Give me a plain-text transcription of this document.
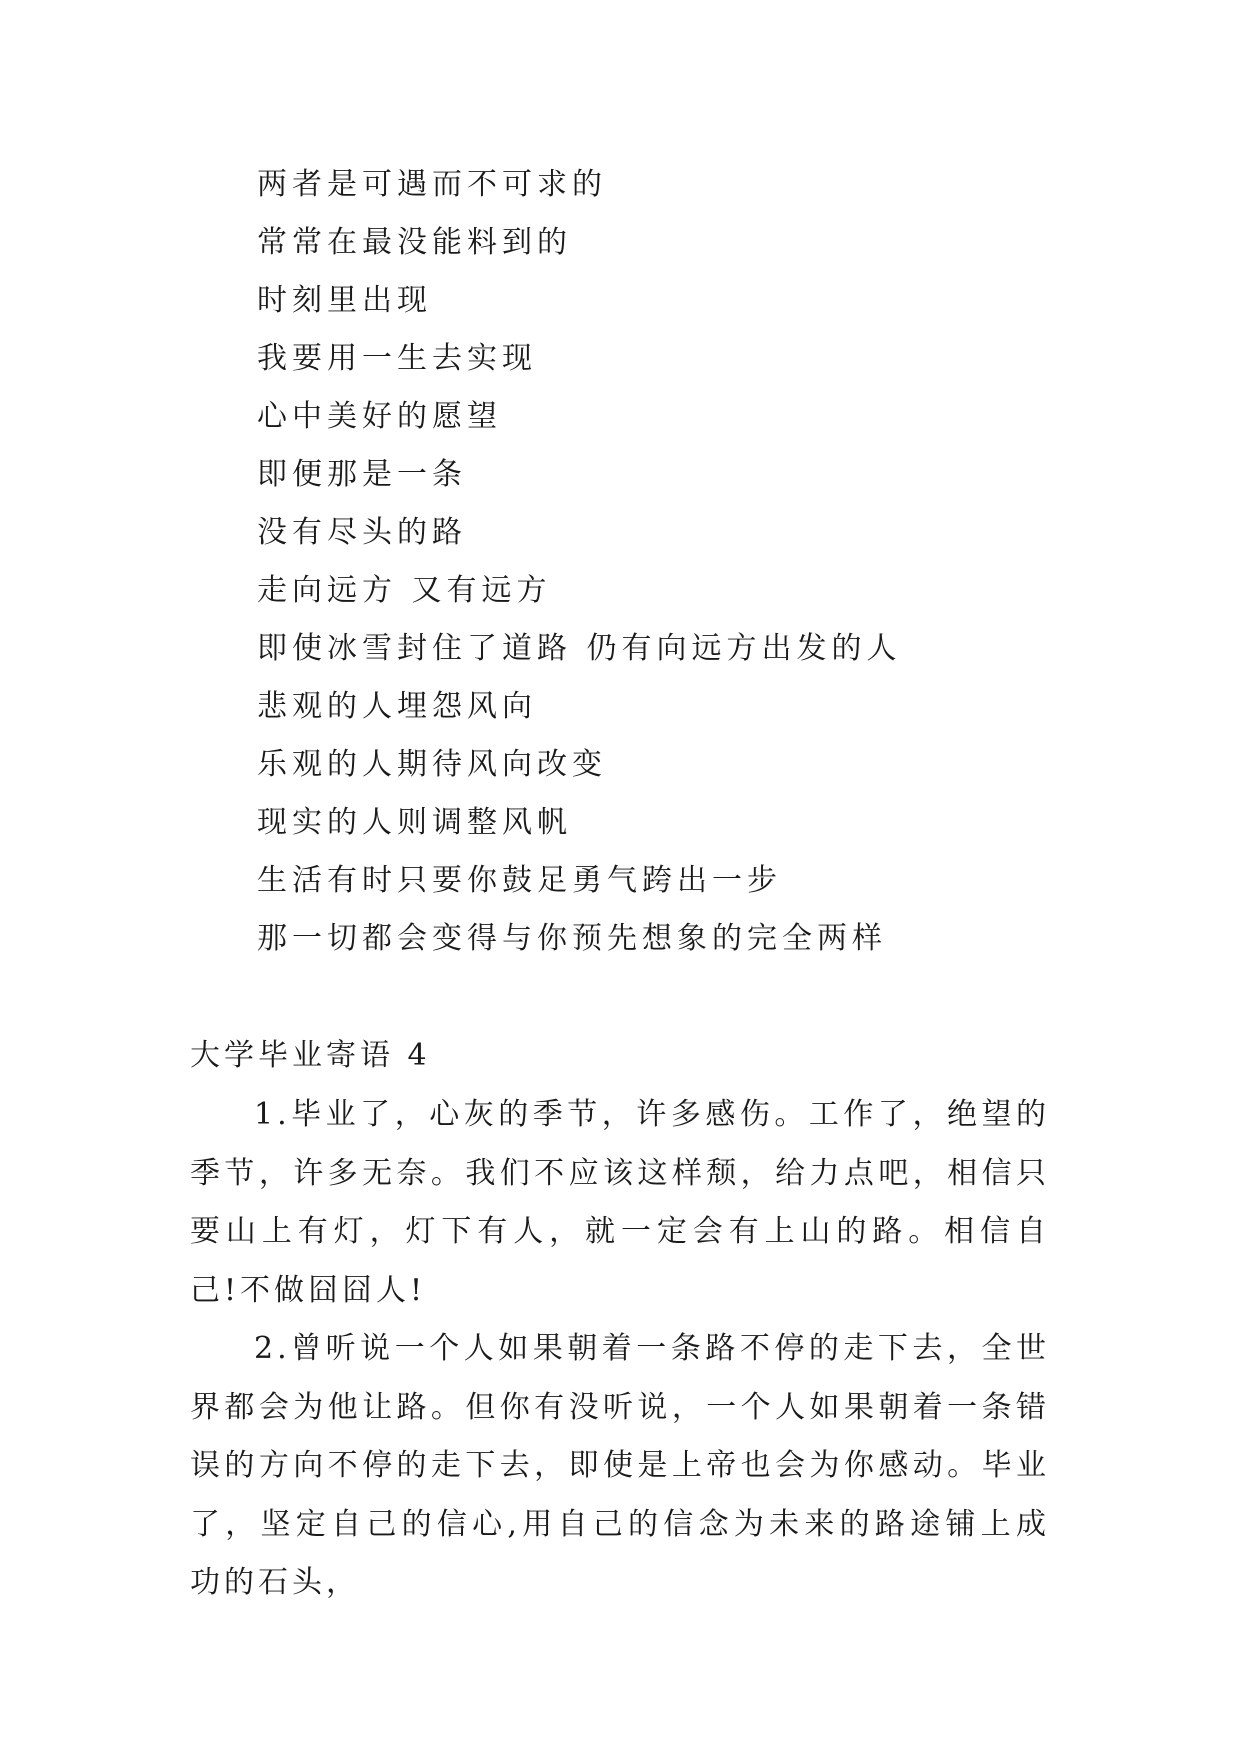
两者是可遇而不可求的
常常在最没能料到的
时刻里出现
我要用一生去实现
心中美好的愿望
即便那是一条
没有尽头的路
走向远方 又有远方
即使冰雪封住了道路 仍有向远方出发的人
悲观的人埋怨风向
乐观的人期待风向改变
现实的人则调整风帆
生活有时只要你鼓足勇气跨出一步
那一切都会变得与你预先想象的完全两样
大学毕业寄语 4

1.毕业了，心灰的季节，许多感伤。工作了，绝望的季节，许多无奈。我们不应该这样颓，给力点吧，相信只要山上有灯，灯下有人，就一定会有上山的路。相信自己!不做囧囧人!

2.曾听说一个人如果朝着一条路不停的走下去，全世界都会为他让路。但你有没听说，一个人如果朝着一条错误的方向不停的走下去，即使是上帝也会为你感动。毕业了，坚定自己的信心,用自己的信念为未来的路途铺上成功的石头，
